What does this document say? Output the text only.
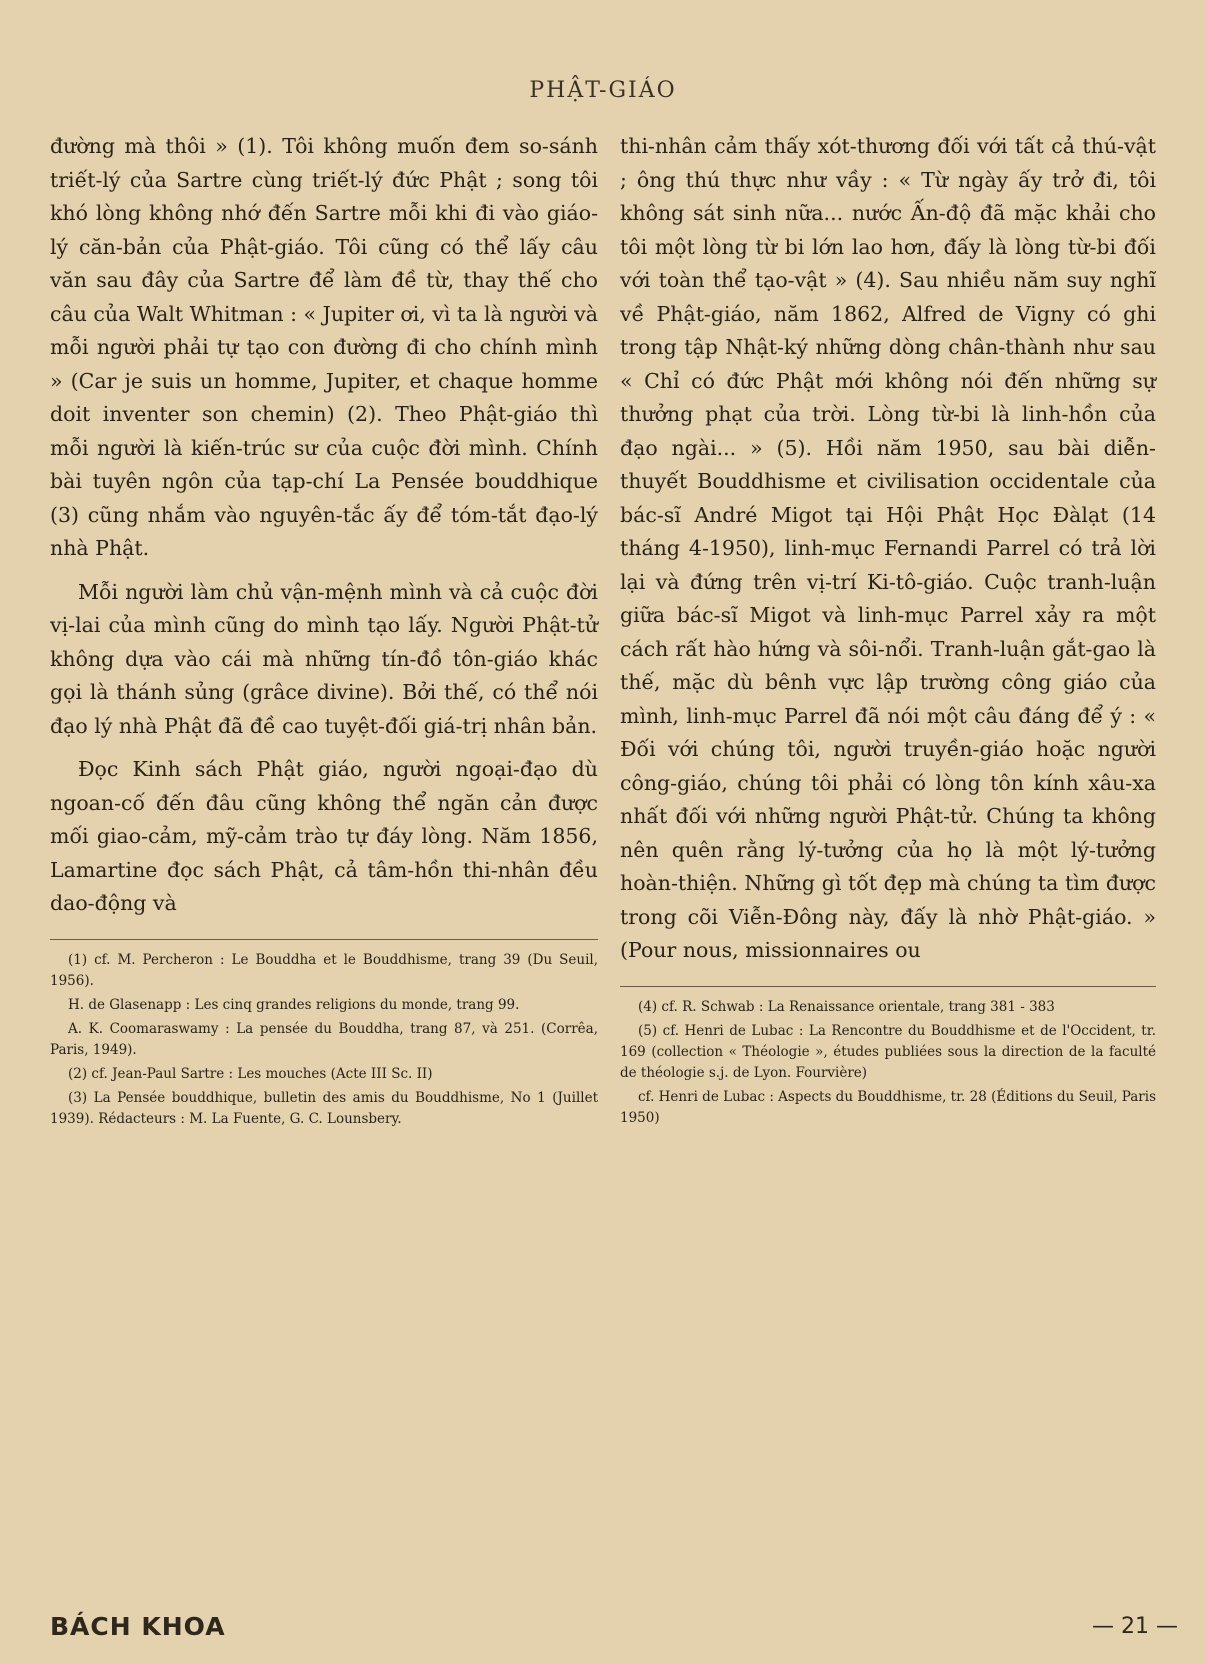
PHẬT-GIÁO

đường mà thôi » (1). Tôi không muốn đem so-sánh triết-lý của Sartre cùng triết-lý đức Phật ; song tôi khó lòng không nhớ đến Sartre mỗi khi đi vào giáo-lý căn-bản của Phật-giáo. Tôi cũng có thể lấy câu văn sau đây của Sartre để làm đề từ, thay thế cho câu của Walt Whitman : « Jupiter ơi, vì ta là người và mỗi người phải tự tạo con đường đi cho chính mình » (Car je suis un homme, Jupiter, et chaque homme doit inventer son chemin) (2). Theo Phật-giáo thì mỗi người là kiến-trúc sư của cuộc đời mình. Chính bài tuyên ngôn của tạp-chí La Pensée bouddhique (3) cũng nhắm vào nguyên-tắc ấy để tóm-tắt đạo-lý nhà Phật.

Mỗi người làm chủ vận-mệnh mình và cả cuộc đời vị-lai của mình cũng do mình tạo lấy. Người Phật-tử không dựa vào cái mà những tín-đồ tôn-giáo khác gọi là thánh sủng (grâce divine). Bởi thế, có thể nói đạo lý nhà Phật đã đề cao tuyệt-đối giá-trị nhân bản.

Đọc Kinh sách Phật giáo, người ngoại-đạo dù ngoan-cố đến đâu cũng không thể ngăn cản được mối giao-cảm, mỹ-cảm trào tự đáy lòng. Năm 1856, Lamartine đọc sách Phật, cả tâm-hồn thi-nhân đều dao-động và

(1) cf. M. Percheron : Le Bouddha et le Bouddhisme, trang 39 (Du Seuil, 1956).

H. de Glasenapp : Les cinq grandes religions du monde, trang 99.

A. K. Coomaraswamy : La pensée du Bouddha, trang 87, và 251. (Corrêa, Paris, 1949).

(2) cf. Jean-Paul Sartre : Les mouches (Acte III Sc. II)

(3) La Pensée bouddhique, bulletin des amis du Bouddhisme, No 1 (Juillet 1939). Rédacteurs : M. La Fuente, G. C. Lounsbery.

thi-nhân cảm thấy xót-thương đối với tất cả thú-vật ; ông thú thực như vầy : « Từ ngày ấy trở đi, tôi không sát sinh nữa... nước Ấn-độ đã mặc khải cho tôi một lòng từ bi lớn lao hơn, đấy là lòng từ-bi đối với toàn thể tạo-vật » (4). Sau nhiều năm suy nghĩ về Phật-giáo, năm 1862, Alfred de Vigny có ghi trong tập Nhật-ký những dòng chân-thành như sau « Chỉ có đức Phật mới không nói đến những sự thưởng phạt của trời. Lòng từ-bi là linh-hồn của đạo ngài... » (5). Hồi năm 1950, sau bài diễn-thuyết Bouddhisme et civilisation occidentale của bác-sĩ André Migot tại Hội Phật Học Đàlạt (14 tháng 4-1950), linh-mục Fernandi Parrel có trả lời lại và đứng trên vị-trí Ki-tô-giáo. Cuộc tranh-luận giữa bác-sĩ Migot và linh-mục Parrel xảy ra một cách rất hào hứng và sôi-nổi. Tranh-luận gắt-gao là thế, mặc dù bênh vực lập trường công giáo của mình, linh-mục Parrel đã nói một câu đáng để ý : « Đối với chúng tôi, người truyền-giáo hoặc người công-giáo, chúng tôi phải có lòng tôn kính xâu-xa nhất đối với những người Phật-tử. Chúng ta không nên quên rằng lý-tưởng của họ là một lý-tưởng hoàn-thiện. Những gì tốt đẹp mà chúng ta tìm được trong cõi Viễn-Đông này, đấy là nhờ Phật-giáo. » (Pour nous, missionnaires ou

(4) cf. R. Schwab : La Renaissance orientale, trang 381 - 383

(5) cf. Henri de Lubac : La Rencontre du Bouddhisme et de l'Occident, tr. 169 (collection « Théologie », études publiées sous la direction de la faculté de théologie s.j. de Lyon. Fourvière)

cf. Henri de Lubac : Aspects du Bouddhisme, tr. 28 (Éditions du Seuil, Paris 1950)

BÁCH KHOA	— 21 —
